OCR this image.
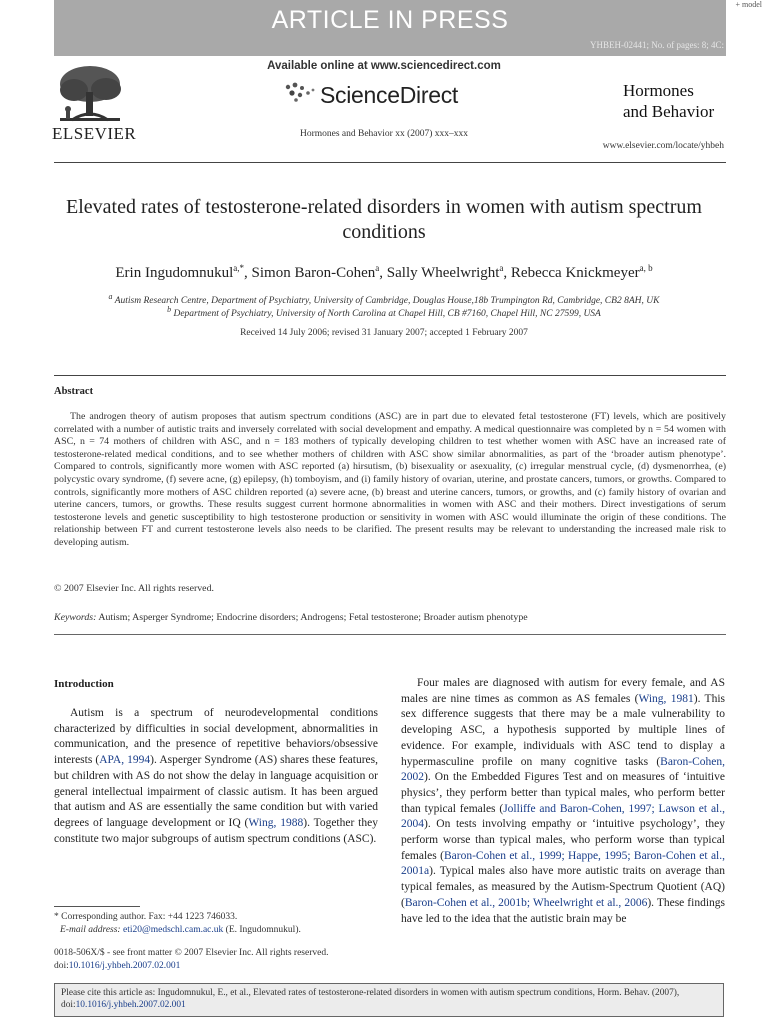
ARTICLE IN PRESS
YHBEH-02441; No. of pages: 8; 4C:
+ model
ELSEVIER
Available online at www.sciencedirect.com
ScienceDirect
Hormones and Behavior xx (2007) xxx–xxx
Hormones
and Behavior
www.elsevier.com/locate/yhbeh
Elevated rates of testosterone-related disorders in women with autism spectrum conditions
Erin Ingudomnukul$^{a,*}$, Simon Baron-Cohen$^a$, Sally Wheelwright$^a$, Rebecca Knickmeyer$^{a, b}$
$^a$ Autism Research Centre, Department of Psychiatry, University of Cambridge, Douglas House,18b Trumpington Rd, Cambridge, CB2 8AH, UK
$^b$ Department of Psychiatry, University of North Carolina at Chapel Hill, CB #7160, Chapel Hill, NC 27599, USA
Received 14 July 2006; revised 31 January 2007; accepted 1 February 2007
Abstract

The androgen theory of autism proposes that autism spectrum conditions (ASC) are in part due to elevated fetal testosterone (FT) levels, which are positively correlated with a number of autistic traits and inversely correlated with social development and empathy. A medical questionnaire was completed by n = 54 women with ASC, n = 74 mothers of children with ASC, and n = 183 mothers of typically developing children to test whether women with ASC have an increased rate of testosterone-related medical conditions, and to see whether mothers of children with ASC show similar abnormalities, as part of the ‘broader autism phenotype’. Compared to controls, significantly more women with ASC reported (a) hirsutism, (b) bisexuality or asexuality, (c) irregular menstrual cycle, (d) dysmenorrhea, (e) polycystic ovary syndrome, (f) severe acne, (g) epilepsy, (h) tomboyism, and (i) family history of ovarian, uterine, and prostate cancers, tumors, or growths. Compared to controls, significantly more mothers of ASC children reported (a) severe acne, (b) breast and uterine cancers, tumors, or growths, and (c) family history of ovarian and uterine cancers, tumors, or growths. These results suggest current hormone abnormalities in women with ASC and their mothers. Direct investigations of serum testosterone levels and genetic susceptibility to high testosterone production or sensitivity in women with ASC would illuminate the origin of these conditions. The relationship between FT and current testosterone levels also needs to be clarified. The present results may be relevant to understanding the increased male risk to developing autism.

© 2007 Elsevier Inc. All rights reserved.
Keywords: Autism; Asperger Syndrome; Endocrine disorders; Androgens; Fetal testosterone; Broader autism phenotype
Introduction

Autism is a spectrum of neurodevelopmental conditions characterized by difficulties in social development, abnormalities in communication, and the presence of repetitive behaviors/obsessive interests (APA, 1994). Asperger Syndrome (AS) shares these features, but children with AS do not show the delay in language acquisition or general intellectual impairment of classic autism. It has been argued that autism and AS are essentially the same condition but with varied degrees of language development or IQ (Wing, 1988). Together they constitute two major subgroups of autism spectrum conditions (ASC).

Four males are diagnosed with autism for every female, and AS males are nine times as common as AS females (Wing, 1981). This sex difference suggests that there may be a male vulnerability to developing ASC, a hypothesis supported by multiple lines of evidence. For example, individuals with ASC tend to display a hypermasculine profile on many cognitive tasks (Baron-Cohen, 2002). On the Embedded Figures Test and on measures of ‘intuitive physics’, they perform better than typical males, who perform better than typical females (Jolliffe and Baron-Cohen, 1997; Lawson et al., 2004). On tests involving empathy or ‘intuitive psychology’, they perform worse than typical males, who perform worse than typical females (Baron-Cohen et al., 1999; Happe, 1995; Baron-Cohen et al., 2001a). Typical males also have more autistic traits on average than typical females, as measured by the Autism-Spectrum Quotient (AQ) (Baron-Cohen et al., 2001b; Wheelwright et al., 2006). These findings have led to the idea that the autistic brain may be

* Corresponding author. Fax: +44 1223 746033.
E-mail address: eti20@medschl.cam.ac.uk (E. Ingudomnukul).
0018-506X/$ - see front matter © 2007 Elsevier Inc. All rights reserved.
doi:10.1016/j.yhbeh.2007.02.001
Please cite this article as: Ingudomnukul, E., et al., Elevated rates of testosterone-related disorders in women with autism spectrum conditions, Horm. Behav. (2007), doi:10.1016/j.yhbeh.2007.02.001
